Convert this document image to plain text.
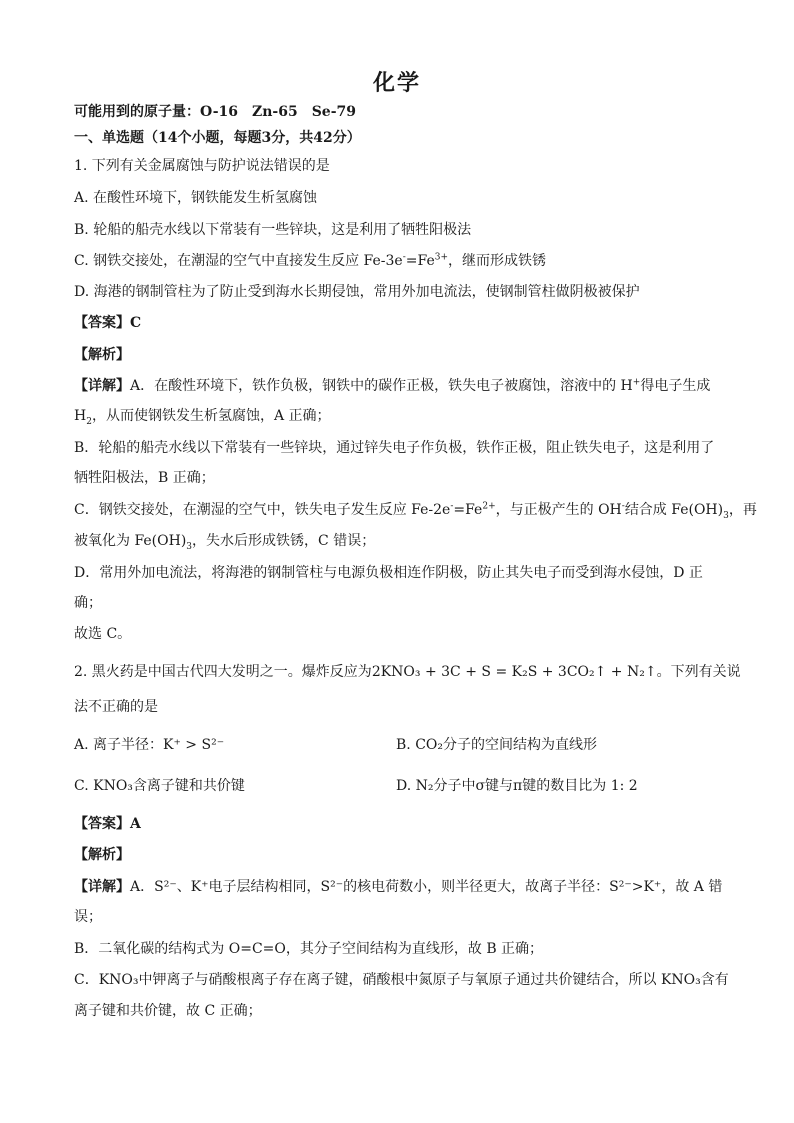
化学
可能用到的原子量：O-16　Zn-65　Se-79
一、单选题（14个小题，每题3分，共42分）
1. 下列有关金属腐蚀与防护说法错误的是
A. 在酸性环境下，钢铁能发生析氢腐蚀
B. 轮船的船壳水线以下常装有一些锌块，这是利用了牺牲阳极法
C. 钢铁交接处，在潮湿的空气中直接发生反应 $Fe-3e^-=Fe^{3+}$，继而形成铁锈
D. 海港的钢制管柱为了防止受到海水长期侵蚀，常用外加电流法，使钢制管柱做阴极被保护
【答案】C
【解析】
【详解】A．在酸性环境下，铁作负极，钢铁中的碳作正极，铁失电子被腐蚀，溶液中的 H+得电子生成
$H_2$，从而使钢铁发生析氢腐蚀，A 正确；
B．轮船的船壳水线以下常装有一些锌块，通过锌失电子作负极，铁作正极，阻止铁失电子，这是利用了
牺牲阳极法，B 正确；
C．钢铁交接处，在潮湿的空气中，铁失电子发生反应 $Fe-2e^-=Fe^{2+}$，与正极产生的 OH-结合成 $Fe(OH)_3$，再
被氧化为 $Fe(OH)_3$，失水后形成铁锈，C 错误；
D．常用外加电流法，将海港的钢制管柱与电源负极相连作阴极，防止其失电子而受到海水侵蚀，D 正
确；
故选 C。
2. 黑火药是中国古代四大发明之一。爆炸反应为2KNO₃ + 3C + S = K₂S + 3CO₂↑ + N₂↑。下列有关说
法不正确的是
A. 离子半径：K⁺ > S²⁻	B. CO₂分子的空间结构为直线形
C. KNO₃含离子键和共价键	D. N₂分子中σ键与π键的数目比为 1: 2
【答案】A
【解析】
【详解】A．S²⁻、K⁺电子层结构相同，S²⁻的核电荷数小，则半径更大，故离子半径：S²⁻>K⁺，故 A 错
误；
B．二氧化碳的结构式为 O=C=O，其分子空间结构为直线形，故 B 正确；
C．KNO₃中钾离子与硝酸根离子存在离子键，硝酸根中氮原子与氧原子通过共价键结合，所以 KNO₃含有
离子键和共价键，故 C 正确；
